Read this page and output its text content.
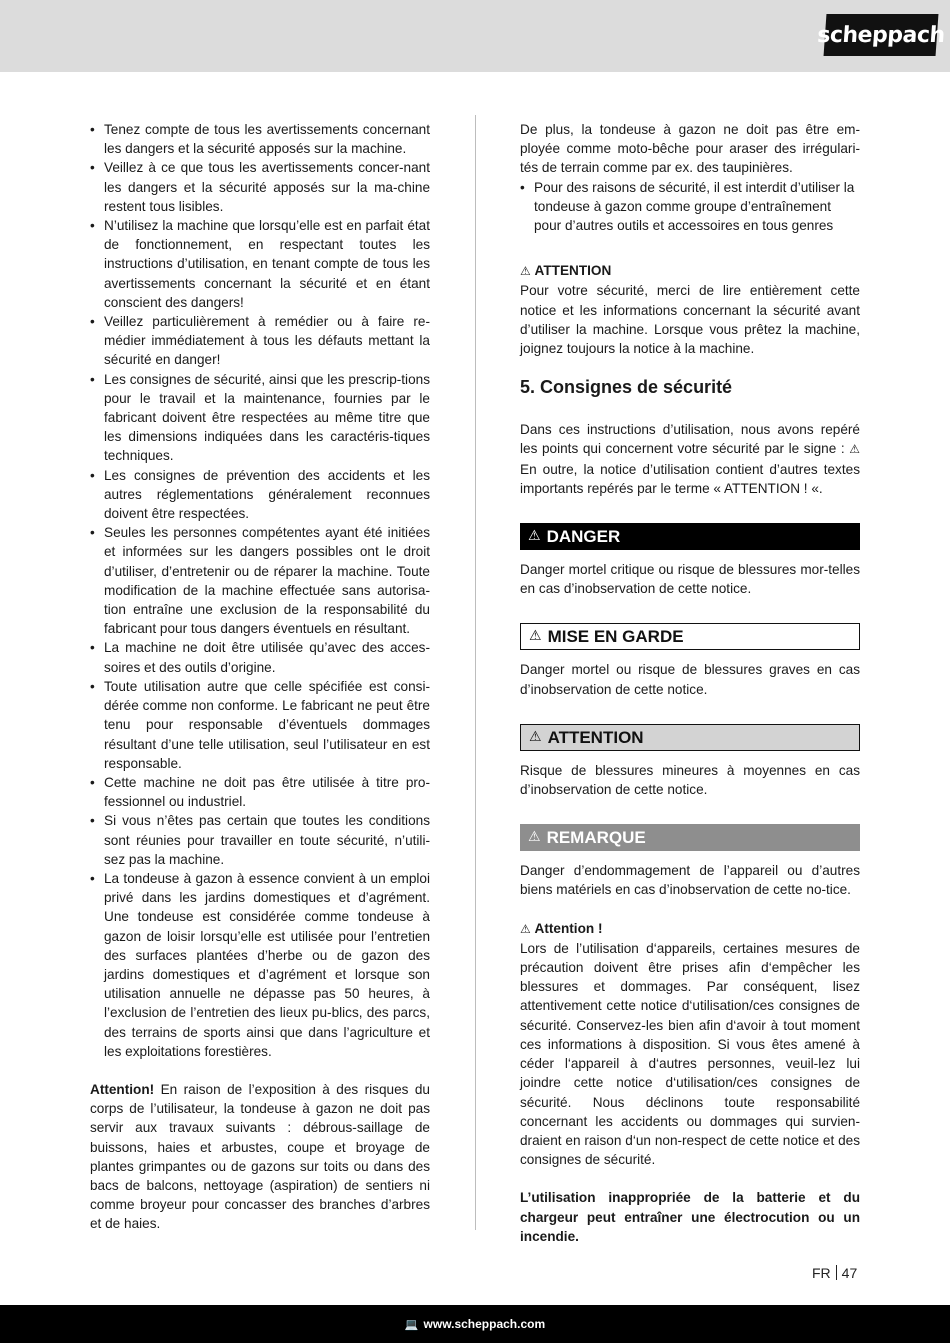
scheppach
• Tenez compte de tous les avertissements concernant les dangers et la sécurité apposés sur la machine.
• Veillez à ce que tous les avertissements concer-nant les dangers et la sécurité apposés sur la ma-chine restent tous lisibles.
• N’utilisez la machine que lorsqu’elle est en parfait état de fonctionnement, en respectant toutes les instructions d’utilisation, en tenant compte de tous les avertissements concernant la sécurité et en étant conscient des dangers!
• Veillez particulièrement à remédier ou à faire re-médier immédiatement à tous les défauts mettant la sécurité en danger!
• Les consignes de sécurité, ainsi que les prescrip-tions pour le travail et la maintenance, fournies par le fabricant doivent être respectées au même titre que les dimensions indiquées dans les caractéris-tiques techniques.
• Les consignes de prévention des accidents et les autres réglementations généralement reconnues doivent être respectées.
• Seules les personnes compétentes ayant été initiées et informées sur les dangers possibles ont le droit d’utiliser, d’entretenir ou de réparer la machine. Toute modification de la machine effectuée sans autorisa-tion entraîne une exclusion de la responsabilité du fabricant pour tous dangers éventuels en résultant.
• La machine ne doit être utilisée qu’avec des acces-soires et des outils d’origine.
• Toute utilisation autre que celle spécifiée est consi-dérée comme non conforme. Le fabricant ne peut être tenu pour responsable d’éventuels dommages résultant d’une telle utilisation, seul l’utilisateur en est responsable.
• Cette machine ne doit pas être utilisée à titre pro-fessionnel ou industriel.
• Si vous n’êtes pas certain que toutes les conditions sont réunies pour travailler en toute sécurité, n’utili-sez pas la machine.
• La tondeuse à gazon à essence convient à un emploi privé dans les jardins domestiques et d’agrément. Une tondeuse est considérée comme tondeuse à gazon de loisir lorsqu’elle est utilisée pour l’entretien des surfaces plantées d’herbe ou de gazon des jardins domestiques et d’agrément et lorsque son utilisation annuelle ne dépasse pas 50 heures, à l’exclusion de l’entretien des lieux pu-blics, des parcs, des terrains de sports ainsi que dans l’agriculture et les exploitations forestières.

Attention! En raison de l’exposition à des risques du corps de l’utilisateur, la tondeuse à gazon ne doit pas servir aux travaux suivants : débrous-saillage de buissons, haies et arbustes, coupe et broyage de plantes grimpantes ou de gazons sur toits ou dans des bacs de balcons, nettoyage (aspiration) de sentiers ni comme broyeur pour concasser des branches d’arbres et de haies.

De plus, la tondeuse à gazon ne doit pas être em-ployée comme moto-bêche pour araser des irrégulari-tés de terrain comme par ex. des taupinières.

• Pour des raisons de sécurité, il est interdit d’utiliser la tondeuse à gazon comme groupe d’entraînement pour d’autres outils et accessoires en tous genres

⚠ ATTENTION

Pour votre sécurité, merci de lire entièrement cette notice et les informations concernant la sécurité avant d’utiliser la machine. Lorsque vous prêtez la machine, joignez toujours la notice à la machine.

5. Consignes de sécurité

Dans ces instructions d’utilisation, nous avons repéré les points qui concernent votre sécurité par le signe : ⚠ En outre, la notice d’utilisation contient d’autres textes importants repérés par le terme « ATTENTION ! «.

⚠ DANGER

Danger mortel critique ou risque de blessures mor-telles en cas d’inobservation de cette notice.

⚠ MISE EN GARDE

Danger mortel ou risque de blessures graves en cas d’inobservation de cette notice.

⚠ ATTENTION

Risque de blessures mineures à moyennes en cas d’inobservation de cette notice.

⚠ REMARQUE

Danger d’endommagement de l’appareil ou d’autres biens matériels en cas d’inobservation de cette no-tice.

⚠ Attention !

Lors de l’utilisation d‘appareils, certaines mesures de précaution doivent être prises afin d‘empêcher les blessures et dommages. Par conséquent, lisez attentivement cette notice d‘utilisation/ces consignes de sécurité. Conservez-les bien afin d‘avoir à tout moment ces informations à disposition. Si vous êtes amené à céder l‘appareil à d‘autres personnes, veuil-lez lui joindre cette notice d‘utilisation/ces consignes de sécurité. Nous déclinons toute responsabilité concernant les accidents ou dommages qui survien-draient en raison d‘un non-respect de cette notice et des consignes de sécurité.

L’utilisation inappropriée de la batterie et du chargeur peut entraîner une électrocution ou un incendie.

FR 47
💻 www.scheppach.com
